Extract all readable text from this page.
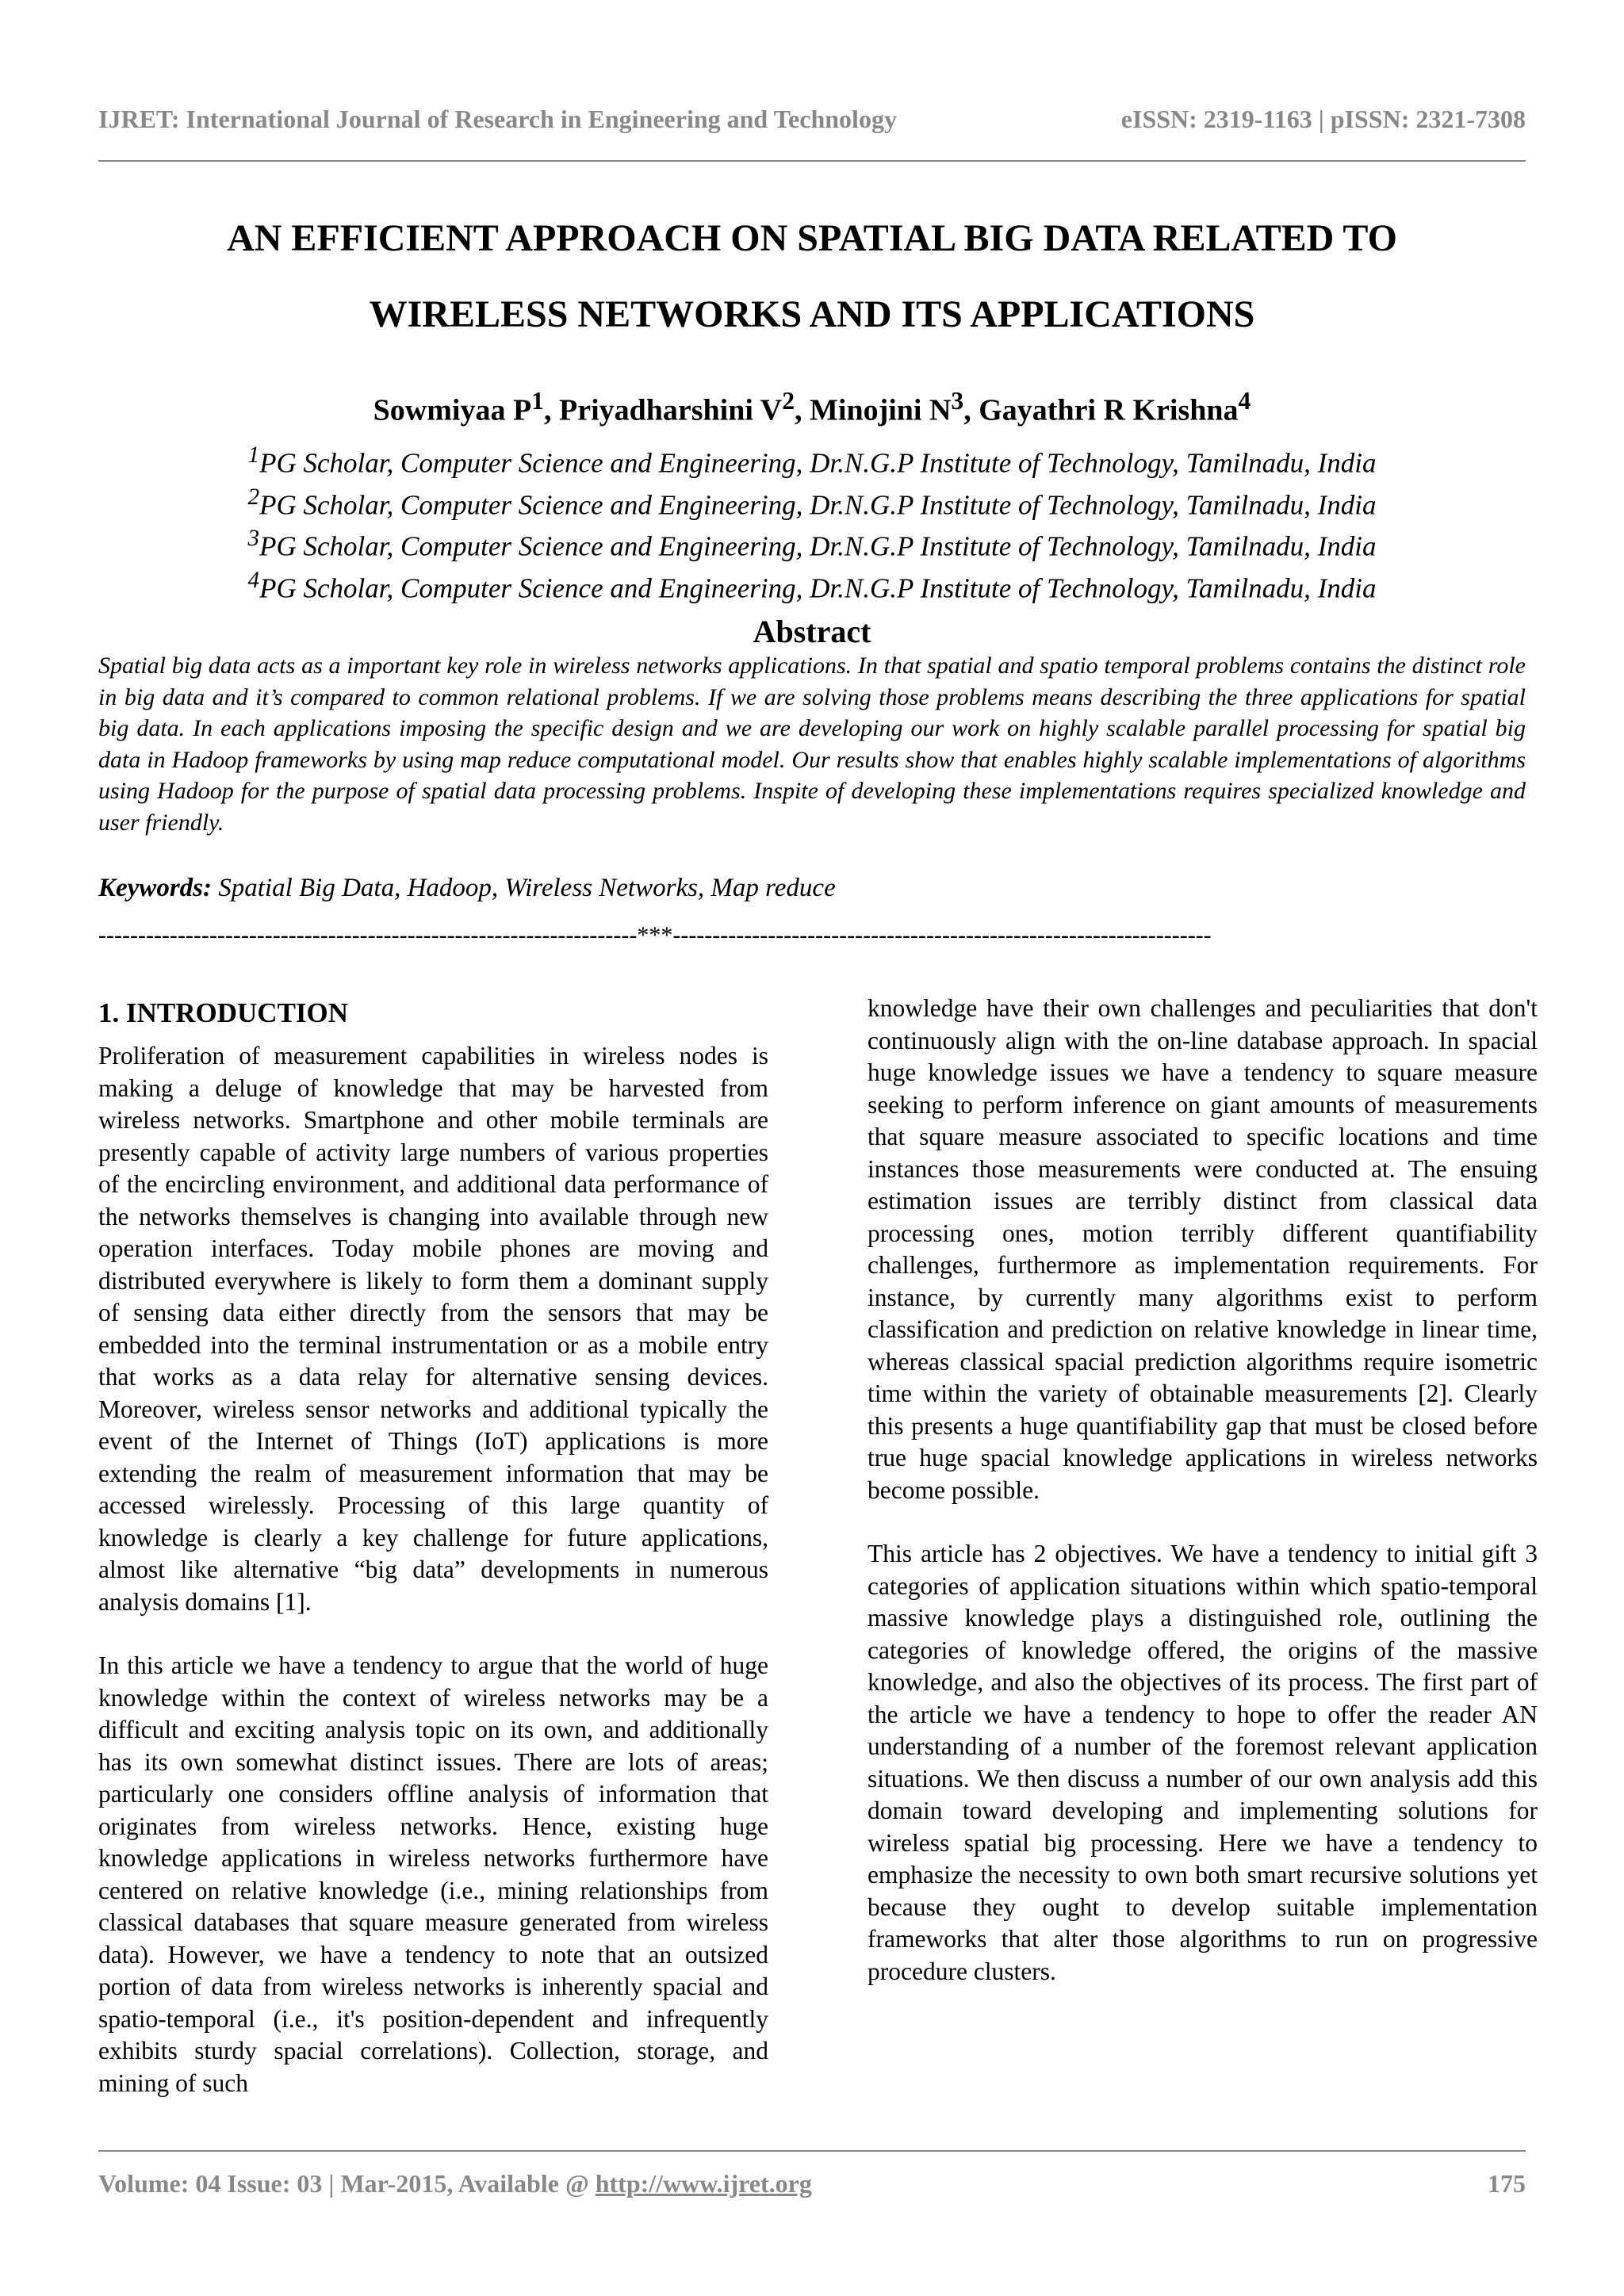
IJRET: International Journal of Research in Engineering and Technology	eISSN: 2319-1163 | pISSN: 2321-7308
AN EFFICIENT APPROACH ON SPATIAL BIG DATA RELATED TO
WIRELESS NETWORKS AND ITS APPLICATIONS
Sowmiyaa $P^1$, Priyadharshini $V^2$, Minojini $N^3$, Gayathri R Krishna$^4$
$^1$PG Scholar, Computer Science and Engineering, Dr.N.G.P Institute of Technology, Tamilnadu, India
$^2$PG Scholar, Computer Science and Engineering, Dr.N.G.P Institute of Technology, Tamilnadu, India
$^3$PG Scholar, Computer Science and Engineering, Dr.N.G.P Institute of Technology, Tamilnadu, India
$^4$PG Scholar, Computer Science and Engineering, Dr.N.G.P Institute of Technology, Tamilnadu, India
Abstract
Spatial big data acts as a important key role in wireless networks applications. In that spatial and spatio temporal problems contains the distinct role in big data and it’s compared to common relational problems. If we are solving those problems means describing the three applications for spatial big data. In each applications imposing the specific design and we are developing our work on highly scalable parallel processing for spatial big data in Hadoop frameworks by using map reduce computational model. Our results show that enables highly scalable implementations of algorithms using Hadoop for the purpose of spatial data processing problems. Inspite of developing these implementations requires specialized knowledge and user friendly.
Keywords: Spatial Big Data, Hadoop, Wireless Networks, Map reduce
--------------------------------------------------------------------***--------------------------------------------------------------------
1. INTRODUCTION

Proliferation of measurement capabilities in wireless nodes is making a deluge of knowledge that may be harvested from wireless networks. Smartphone and other mobile terminals are presently capable of activity large numbers of various properties of the encircling environment, and additional data performance of the networks themselves is changing into available through new operation interfaces. Today mobile phones are moving and distributed everywhere is likely to form them a dominant supply of sensing data either directly from the sensors that may be embedded into the terminal instrumentation or as a mobile entry that works as a data relay for alternative sensing devices. Moreover, wireless sensor networks and additional typically the event of the Internet of Things (IoT) applications is more extending the realm of measurement information that may be accessed wirelessly. Processing of this large quantity of knowledge is clearly a key challenge for future applications, almost like alternative “big data” developments in numerous analysis domains [1].

In this article we have a tendency to argue that the world of huge knowledge within the context of wireless networks may be a difficult and exciting analysis topic on its own, and additionally has its own somewhat distinct issues. There are lots of areas; particularly one considers offline analysis of information that originates from wireless networks. Hence, existing huge knowledge applications in wireless networks furthermore have centered on relative knowledge (i.e., mining relationships from classical databases that square measure generated from wireless data). However, we have a tendency to note that an outsized portion of data from wireless networks is inherently spacial and spatio-temporal (i.e., it's position-dependent and infrequently exhibits sturdy spacial correlations). Collection, storage, and mining of such

knowledge have their own challenges and peculiarities that don't continuously align with the on-line database approach. In spacial huge knowledge issues we have a tendency to square measure seeking to perform inference on giant amounts of measurements that square measure associated to specific locations and time instances those measurements were conducted at. The ensuing estimation issues are terribly distinct from classical data processing ones, motion terribly different quantifiability challenges, furthermore as implementation requirements. For instance, by currently many algorithms exist to perform classification and prediction on relative knowledge in linear time, whereas classical spacial prediction algorithms require isometric time within the variety of obtainable measurements [2]. Clearly this presents a huge quantifiability gap that must be closed before true huge spacial knowledge applications in wireless networks become possible.

This article has 2 objectives. We have a tendency to initial gift 3 categories of application situations within which spatio-temporal massive knowledge plays a distinguished role, outlining the categories of knowledge offered, the origins of the massive knowledge, and also the objectives of its process. The first part of the article we have a tendency to hope to offer the reader AN understanding of a number of the foremost relevant application situations. We then discuss a number of our own analysis add this domain toward developing and implementing solutions for wireless spatial big processing. Here we have a tendency to emphasize the necessity to own both smart recursive solutions yet because they ought to develop suitable implementation frameworks that alter those algorithms to run on progressive procedure clusters.

Volume: 04 Issue: 03 | Mar-2015, Available @ http://www.ijret.org	175
